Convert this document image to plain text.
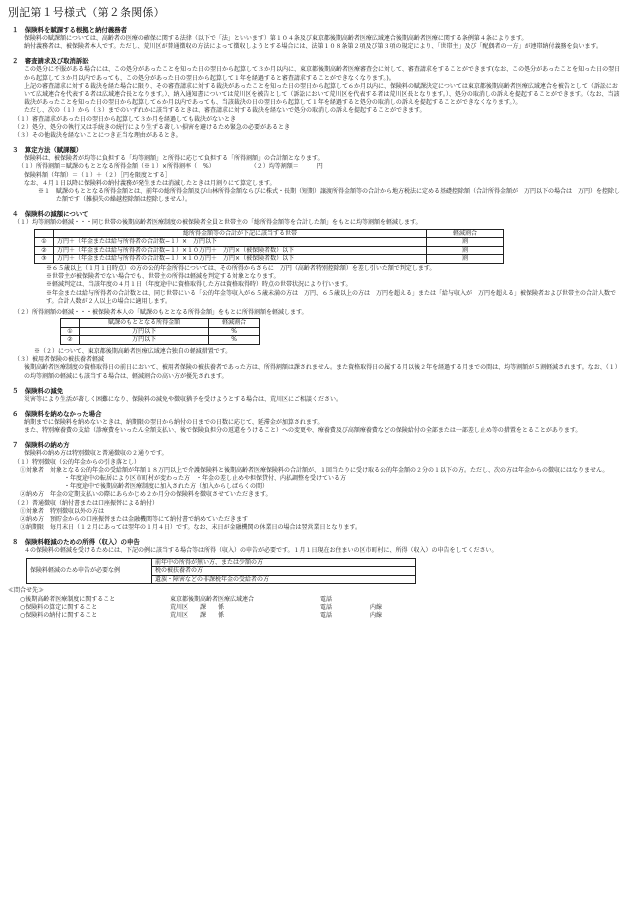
別記第１号様式（第２条関係）
１　保険料を賦課する根拠と納付義務者

保険料の賦課額については、高齢者の医療の確保に関する法律（以下で「法」といいます）第１０４条及び東京都後期高齢者医療広域連合後期高齢者医療に関する条例第４条によります。

納付義務者は、被保険者本人です。ただし、荒川区が普通徴収の方法によって徴収しようとする場合には、法第１０８条第２項及び第３項の規定により、「世帯主」及び「配偶者の一方」が連帯納付義務を負います。

２　審査請求及び取消訴訟

この処分に不服がある場合には、この処分があったことを知った日の翌日から起算して３か月以内に、東京都後期高齢者医療審査会に対して、審査請求をすることができます(なお、この処分があったことを知った日の翌日から起算して３か月以内であっても、この処分があった日の翌日から起算して１年を経過すると審査請求することができなくなります。)。

上記の審査請求に対する裁決を経た場合に限り、その審査請求に対する裁決があったことを知った日の翌日から起算して６か月以内に、保険料の賦課決定については東京都後期高齢者医療広域連合を被告として（訴訟において広域連合を代表する者は広域連合長となります。）、納入通知書については荒川区を被告として（訴訟において荒川区を代表する者は荒川区長となります。）、処分の取消しの訴えを提起することができます。（なお、当該裁決があったことを知った日の翌日から起算して６か月以内であっても、当該裁決の日の翌日から起算して１年を経過すると処分の取消しの訴えを提起することができなくなります。）。

ただし、次の（１）から（３）までのいずれかに該当するときは、審査請求に対する裁決を経ないで処分の取消しの訴えを提起することができます。

（１）審査請求があった日の翌日から起算して３か月を経過しても裁決がないとき

（２）処分、処分の執行又は手続きの続行により生ずる著しい損害を避けるため緊急の必要があるとき

（３）その他裁決を経ないことにつき正当な理由があるとき。

３　算定方法（賦課額）

保険料は、被保険者が均等に負担する「均等割額」と所得に応じて負担する「所得割額」の合計額となります。

（１）所得割額＝賦課のもととなる所得金額（※１）×所得割率（　%）　　　　　　　（２）均等割額＝　　　円

保険料額（年額）＝（１）＋（２）［円を限度とする］

なお、４月１日以降に保険料の納付義務が発生または消滅したときは月割りにて算定します。

※１　賦課のもととなる所得金額とは、前年の総所得金額及び山林所得金額ならびに株式・長期（短期）譲渡所得金額等の合計から地方税法に定める基礎控除額（合計所得金額が　万円以下の場合は　万円）を控除した額です（雑損失の繰越控除額は控除しません）。

４　保険料の減額について

（１）均等割額の軽減・・・同じ世帯の後期高齢者医療制度の被保険者全員と世帯主の「総所得金額等を合計した額」をもとに均等割額を軽減します。

	総所得金額等の合計が下記に該当する世帯	軽減割合
①	万円＋（年金または給与所得者の合計数−１）×　万円以下	割
②	万円＋（年金または給与所得者の合計数−１）×１０万円＋　万円×（被保険者数）以下	割
③	万円＋（年金または給与所得者の合計数−１）×１０万円＋　万円×（被保険者数）以下	割

※６５歳以上（１月１日時点）の方の公的年金所得については、その所得からさらに　万円（高齢者特別控除額）を差し引いた額で判定します。

※世帯主が被保険者でない場合でも、世帯主の所得は軽減を判定する対象となります。

※軽減判定は、当該年度の４月１日（年度途中に資格取得した方は資格取得時）時点の世帯状況により行います。

※年金または給与所得者の合計数とは、同じ世帯にいる「公的年金等収入が６５歳未満の方は　万円、６５歳以上の方は　万円を超える」または「給与収入が　万円を超える」被保険者および世帯主の合計人数です。合計人数が２人以上の場合に適用します。

（２）所得割額の軽減・・・被保険者本人の「賦課のもととなる所得金額」をもとに所得割額を軽減します。

	賦課のもととなる所得金額	軽減割合
①	万円以下	%
②	万円以下	%

※（２）について、東京都後期高齢者医療広域連合独自の軽減措置です。

（３）被用者保険の被扶養者軽減

後期高齢者医療制度の資格取得日の前日において、被用者保険の被扶養者であった方は、所得割額は課されません。また資格取得日の属する月以後２年を経過する月までの間は、均等割額が５割軽減されます。なお、（１）の均等割額の軽減にも該当する場合は、軽減割合の高い方が優先されます。

５　保険料の減免

災害等により生活が著しく困難になり、保険料の減免や徴収猶予を受けようとする場合は、荒川区にご相談ください。

６　保険料を納めなかった場合

納期までに保険料を納めないときは、納期限の翌日から納付の日までの日数に応じて、延滞金が加算されます。

また、特別療養費の支給（診療費をいったん全額支払い、後で保険負担分の返還をうけること）への変更や、療養費及び高額療養費などの保険給付の全部または一部差し止め等の措置をとることがあります。

７　保険料の納め方

保険料の納め方は特別徴収と普通徴収の２通りです。

（１）特別徴収（公的年金からの引き落とし）

①対象者　対象となる公的年金の受給額が年額１８万円以上で介護保険料と後期高齢者医療保険料の合計額が、１回当たりに受け取る公的年金額の２分の１以下の方。ただし、次の方は年金からの徴収にはなりません。

・年度途中の転居により区市町村が変わった方　・年金の差し止めや担保貸付、内払調整を受けている方

・年度途中で後期高齢者医療制度に加入された方（加入からしばらくの間）

②納め方　年金の定期支払いの際にあらかじめ２か月分の保険料を徴収させていただきます。

（２）普通徴収（納付書または口座振替による納付）

①対象者　特別徴収以外の方は

②納め方　預貯金からの口座振替または金融機関等にて納付書で納めていただきます

③納期限　毎月末日（１２月にあっては翌年の１月４日）です。なお、末日が金融機関の休業日の場合は翌営業日となります。

８　保険料軽減のための所得（収入）の申告

４の保険料の軽減を受けるためには、下記の例に該当する場合等は所得（収入）の申告が必要です。１月１日現在お住まいの区市町村に、所得（収入）の申告をしてください。

保険料軽減のため申告が必要な例	前年中の所得が無い方、または少額の方
税の被扶養者の方
遺族・障害などの非課税年金の受給者の方
≪問合せ先≫
○後期高齢者医療制度に関すること	東京都後期高齢者医療広域連合	電話
○保険料の算定に関すること	荒川区　　課　　係	電話	内線
○保険料の納付に関すること	荒川区　　課　　係	電話	内線
